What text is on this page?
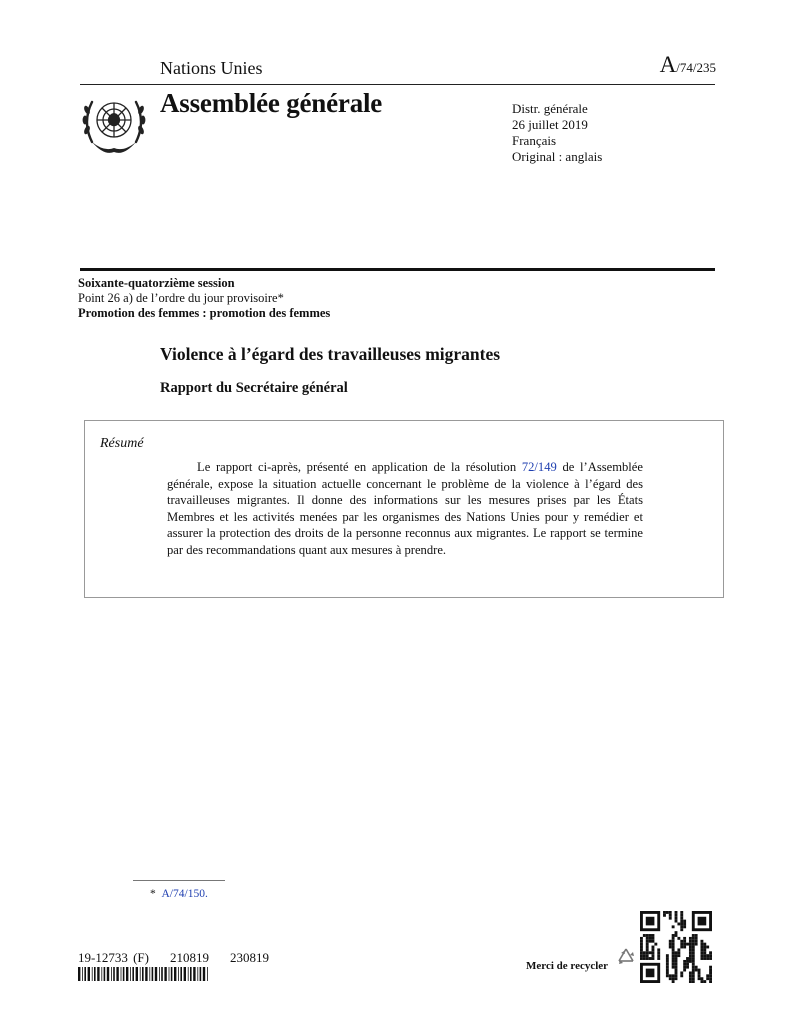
Nations Unies	A/74/235
Assemblée générale	Distr. générale
26 juillet 2019
Français
Original : anglais
Soixante-quatorzième session
Point 26 a) de l’ordre du jour provisoire*
Promotion des femmes : promotion des femmes
Violence à l’égard des travailleuses migrantes
Rapport du Secrétaire général
Résumé
Le rapport ci-après, présenté en application de la résolution 72/149 de l’Assemblée générale, expose la situation actuelle concernant le problème de la violence à l’égard des travailleuses migrantes. Il donne des informations sur les mesures prises par les États Membres et les activités menées par les organismes des Nations Unies pour y remédier et assurer la protection des droits de la personne reconnus aux migrantes. Le rapport se termine par des recommandations quant aux mesures à prendre.
* A/74/150.
19-12733 (F)    210819    230819
Merci de recycler
